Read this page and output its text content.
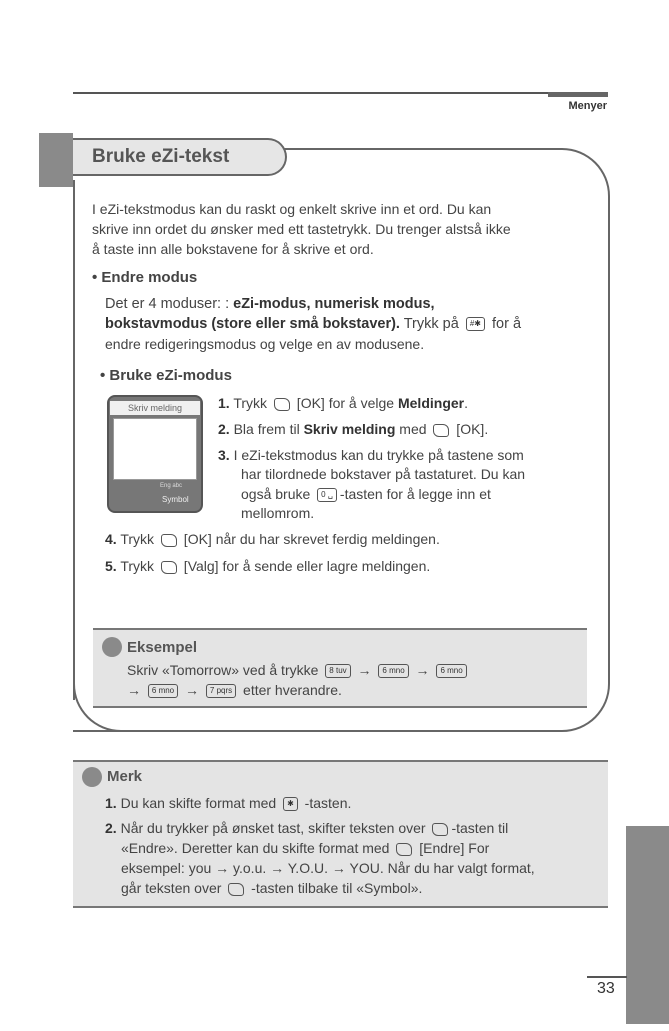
Menyer
Bruke eZi-tekst
I eZi-tekstmodus kan du raskt og enkelt skrive inn et ord. Du kan
skrive inn ordet du ønsker med ett tastetrykk. Du trenger alstså ikke
å taste inn alle bokstavene for å skrive et ord.
• Endre modus
Det er 4 moduser: : eZi-modus, numerisk modus,
bokstavmodus (store eller små bokstaver). Trykk på #✱ for å
endre redigeringsmodus og velge en av modusene.
• Bruke eZi-modus
Skriv melding
Eng abc
Symbol
1. Trykk  [OK] for å velge Meldinger.
2. Bla frem til Skriv melding med  [OK].
3. I eZi-tekstmodus kan du trykke på tastene som
har tilordnede bokstaver på tastaturet. Du kan
også bruke 0 ␣ -tasten for å legge inn et
mellomrom.
4. Trykk  [OK] når du har skrevet ferdig meldingen.
5. Trykk  [Valg] for å sende eller lagre meldingen.
Eksempel
Skriv «Tomorrow» ved å trykke 8 tuv → 6 mno → 6 mno
→ 6 mno → 7 pqrs etter hverandre.
Merk
1. Du kan skifte format med ✱ -tasten.
2. Når du trykker på ønsket tast, skifter teksten over -tasten til
«Endre». Deretter kan du skifte format med  [Endre] For
eksempel: you → y.o.u. → Y.O.U. → YOU. Når du har valgt format,
går teksten over  -tasten tilbake til «Symbol».
33
